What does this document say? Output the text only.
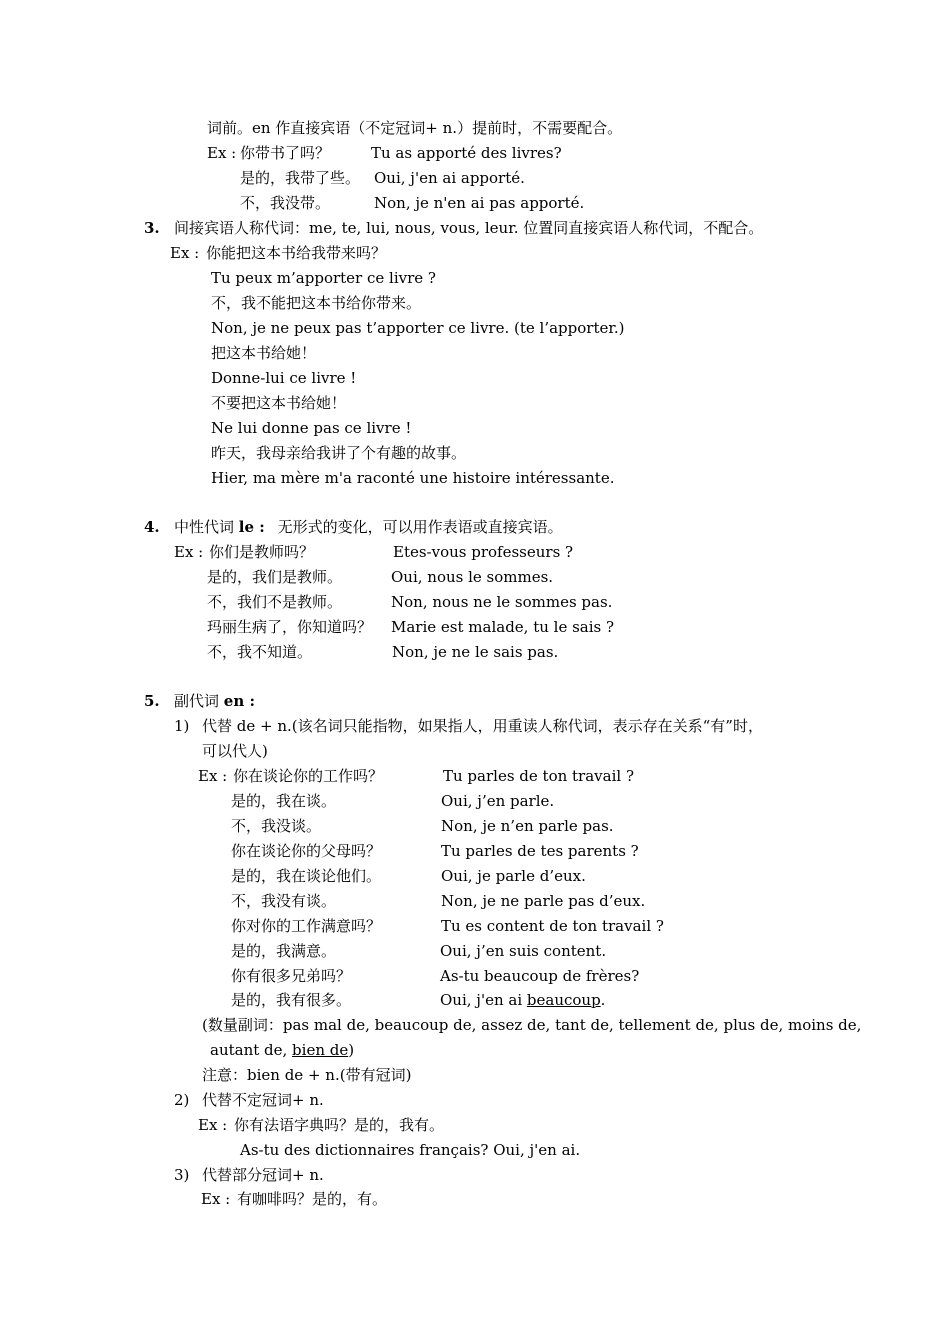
词前。en 作直接宾语（不定冠词+ n.）提前时，不需要配合。
Ex : 你带书了吗？	Tu as apporté des livres?
是的，我带了些。 Oui, j'en ai apporté.
不，我没带。	Non, je n'en ai pas apporté.
3. 间接宾语人称代词：me, te, lui, nous, vous, leur. 位置同直接宾语人称代词，不配合。
Ex : 你能把这本书给我带来吗？
Tu peux m’apporter ce livre ?
不，我不能把这本书给你带来。
Non, je ne peux pas t’apporter ce livre. (te l’apporter.)
把这本书给她！
Donne-lui ce livre !
不要把这本书给她！
Ne lui donne pas ce livre !
昨天，我母亲给我讲了个有趣的故事。
Hier, ma mère m'a raconté une histoire intéressante.
4. 中性代词 le : 无形式的变化，可以用作表语或直接宾语。
Ex : 你们是教师吗？	Etes-vous professeurs ?
是的，我们是教师。	Oui, nous le sommes.
不，我们不是教师。	Non, nous ne le sommes pas.
玛丽生病了，你知道吗？ Marie est malade, tu le sais ?
不，我不知道。	Non, je ne le sais pas.
5. 副代词 en :
1) 代替 de + n.(该名词只能指物，如果指人，用重读人称代词，表示存在关系“有”时，
可以代人)
Ex : 你在谈论你的工作吗？	Tu parles de ton travail ?
是的，我在谈。	Oui, j’en parle.
不，我没谈。	Non, je n’en parle pas.
你在谈论你的父母吗？	Tu parles de tes parents ?
是的，我在谈论他们。	Oui, je parle d’eux.
不，我没有谈。	Non, je ne parle pas d’eux.
你对你的工作满意吗？	Tu es content de ton travail ?
是的，我满意。	Oui, j’en suis content.
你有很多兄弟吗？	As-tu beaucoup de frères?
是的，我有很多。	Oui, j'en ai beaucoup.
(数量副词：pas mal de, beaucoup de, assez de, tant de, tellement de, plus de, moins de,
autant de, bien de)
注意：bien de + n.(带有冠词)
2) 代替不定冠词+ n.
Ex : 你有法语字典吗？是的，我有。
As-tu des dictionnaires français? Oui, j'en ai.
3) 代替部分冠词+ n.
Ex : 有咖啡吗？是的，有。
